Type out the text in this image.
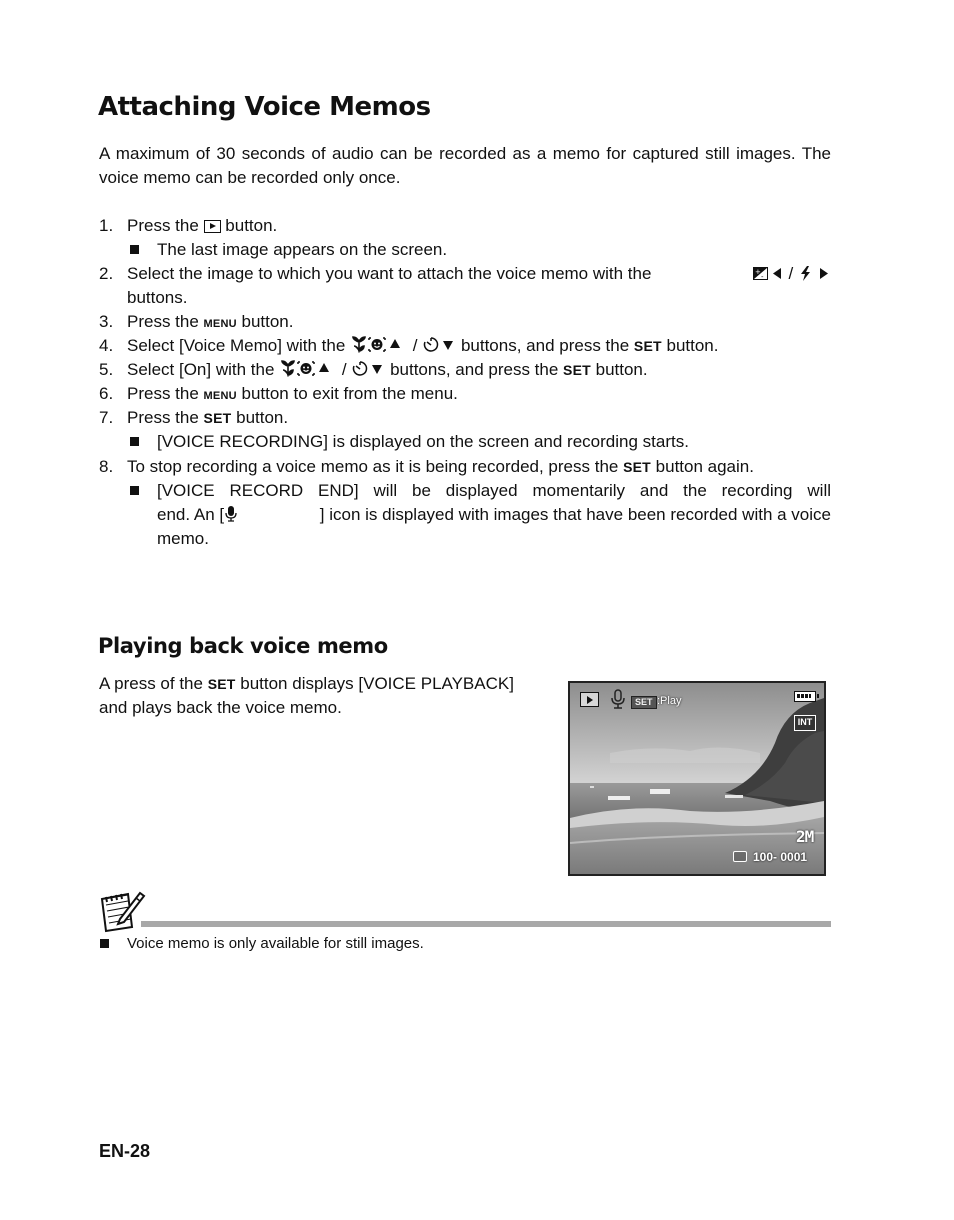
Attaching Voice Memos
A maximum of 30 seconds of audio can be recorded as a memo for captured still images. The voice memo can be recorded only once.
1. Press the button.
The last image appears on the screen.
2. Select the image to which you want to attach the voice memo with the	+
- /
buttons.
3. Press the MENU button.
4. Select [Voice Memo] with the	/	buttons, and press the SET button.
5. Select [On] with the	/	buttons, and press the SET button.
6. Press the MENU button to exit from the menu.
7. Press the SET button.
[VOICE RECORDING] is displayed on the screen and recording starts.
8. To stop recording a voice memo as it is being recorded, press the SET button again.
[VOICE RECORD END] will be displayed momentarily and the recording will
end. An [	] icon is displayed with images that have been recorded with a voice
memo.
Playing back voice memo
A press of the SET button displays [VOICE PLAYBACK]
and plays back the voice memo.	SET :Play
INT
2M
100- 0001
Voice memo is only available for still images.
EN-28
